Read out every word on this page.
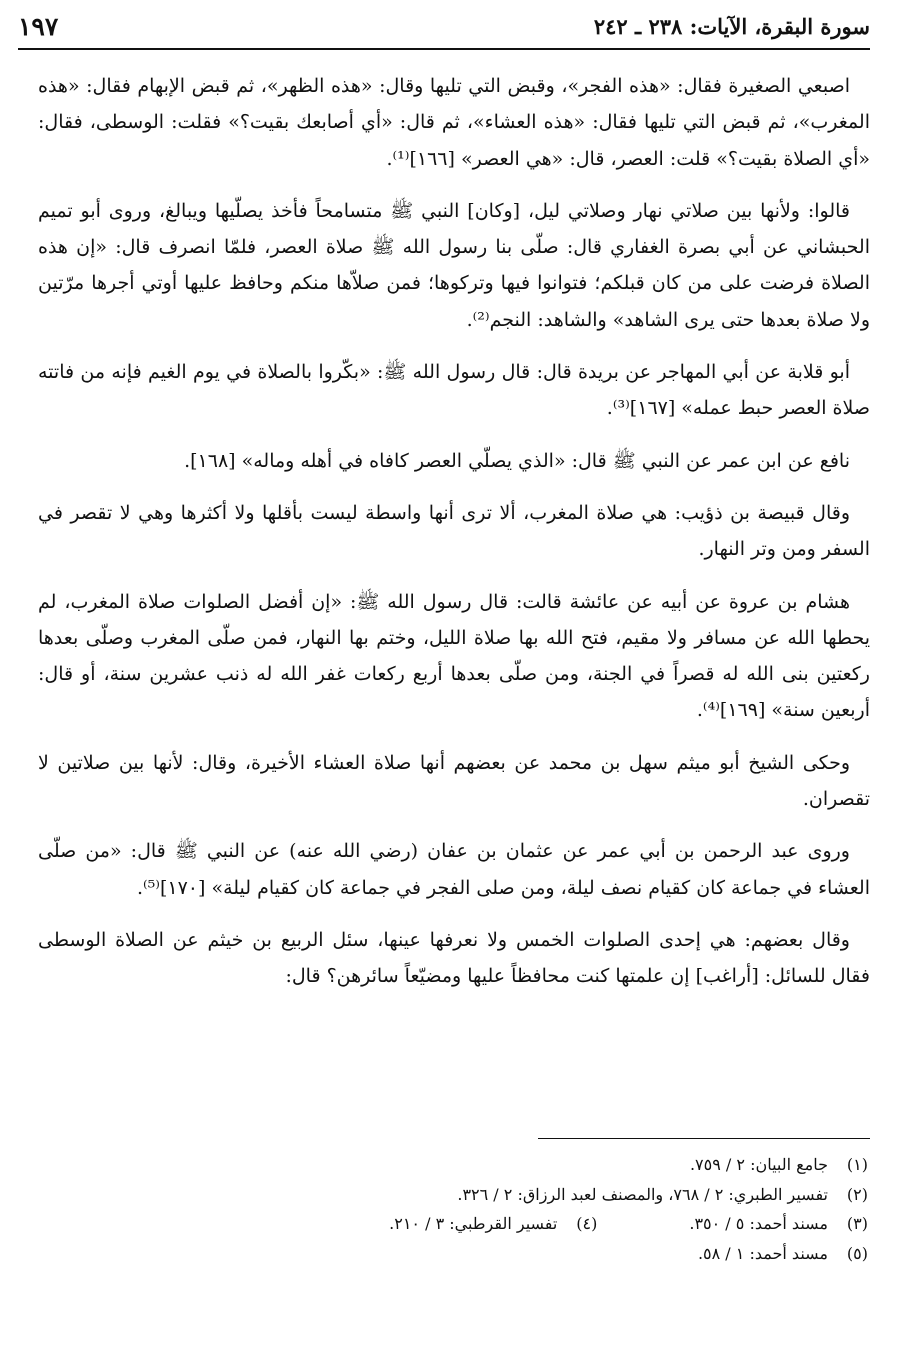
سورة البقرة، الآيات: ٢٣٨ ـ ٢٤٢
١٩٧

اصبعي الصغيرة فقال: «هذه الفجر»، وقبض التي تليها وقال: «هذه الظهر»، ثم قبض الإبهام فقال: «هذه المغرب»، ثم قبض التي تليها فقال: «هذه العشاء»، ثم قال: «أي أصابعك بقيت؟» فقلت: الوسطى، فقال: «أي الصلاة بقيت؟» قلت: العصر، قال: «هي العصر» [١٦٦]⁽¹⁾.

قالوا: ولأنها بين صلاتي نهار وصلاتي ليل، [وكان] النبي ﷺ متسامحاً فأخذ يصلّيها ويبالغ، وروى أبو تميم الحبشاني عن أبي بصرة الغفاري قال: صلّى بنا رسول الله ﷺ صلاة العصر، فلمّا انصرف قال: «إن هذه الصلاة فرضت على من كان قبلكم؛ فتوانوا فيها وتركوها؛ فمن صلاّها منكم وحافظ عليها أوتي أجرها مرّتين ولا صلاة بعدها حتى يرى الشاهد» والشاهد: النجم⁽²⁾.

أبو قلابة عن أبي المهاجر عن بريدة قال: قال رسول الله ﷺ: «بكّروا بالصلاة في يوم الغيم فإنه من فاتته صلاة العصر حبط عمله» [١٦٧]⁽³⁾.

نافع عن ابن عمر عن النبي ﷺ قال: «الذي يصلّي العصر كافاه في أهله وماله» [١٦٨].

وقال قبيصة بن ذؤيب: هي صلاة المغرب، ألا ترى أنها واسطة ليست بأقلها ولا أكثرها وهي لا تقصر في السفر ومن وتر النهار.

هشام بن عروة عن أبيه عن عائشة قالت: قال رسول الله ﷺ: «إن أفضل الصلوات صلاة المغرب، لم يحطها الله عن مسافر ولا مقيم، فتح الله بها صلاة الليل، وختم بها النهار، فمن صلّى المغرب وصلّى بعدها ركعتين بنى الله له قصراً في الجنة، ومن صلّى بعدها أربع ركعات غفر الله له ذنب عشرين سنة، أو قال: أربعين سنة» [١٦٩]⁽⁴⁾.

وحكى الشيخ أبو ميثم سهل بن محمد عن بعضهم أنها صلاة العشاء الأخيرة، وقال: لأنها بين صلاتين لا تقصران.

وروى عبد الرحمن بن أبي عمر عن عثمان بن عفان (رضي الله عنه) عن النبي ﷺ قال: «من صلّى العشاء في جماعة كان كقيام نصف ليلة، ومن صلى الفجر في جماعة كان كقيام ليلة» [١٧٠]⁽⁵⁾.

وقال بعضهم: هي إحدى الصلوات الخمس ولا نعرفها عينها، سئل الربيع بن خيثم عن الصلاة الوسطى فقال للسائل: [أراغب] إن علمتها كنت محافظاً عليها ومضيّعاً سائرهن؟ قال:

(١)
جامع البيان: ٢ / ٧٥٩.
(٢)
تفسير الطبري: ٢ / ٧٦٨، والمصنف لعبد الرزاق: ٢ / ٣٢٦.
(٣)
مسند أحمد: ٥ / ٣٥٠.
(٤)
تفسير القرطبي: ٣ / ٢١٠.
(٥)
مسند أحمد: ١ / ٥٨.
